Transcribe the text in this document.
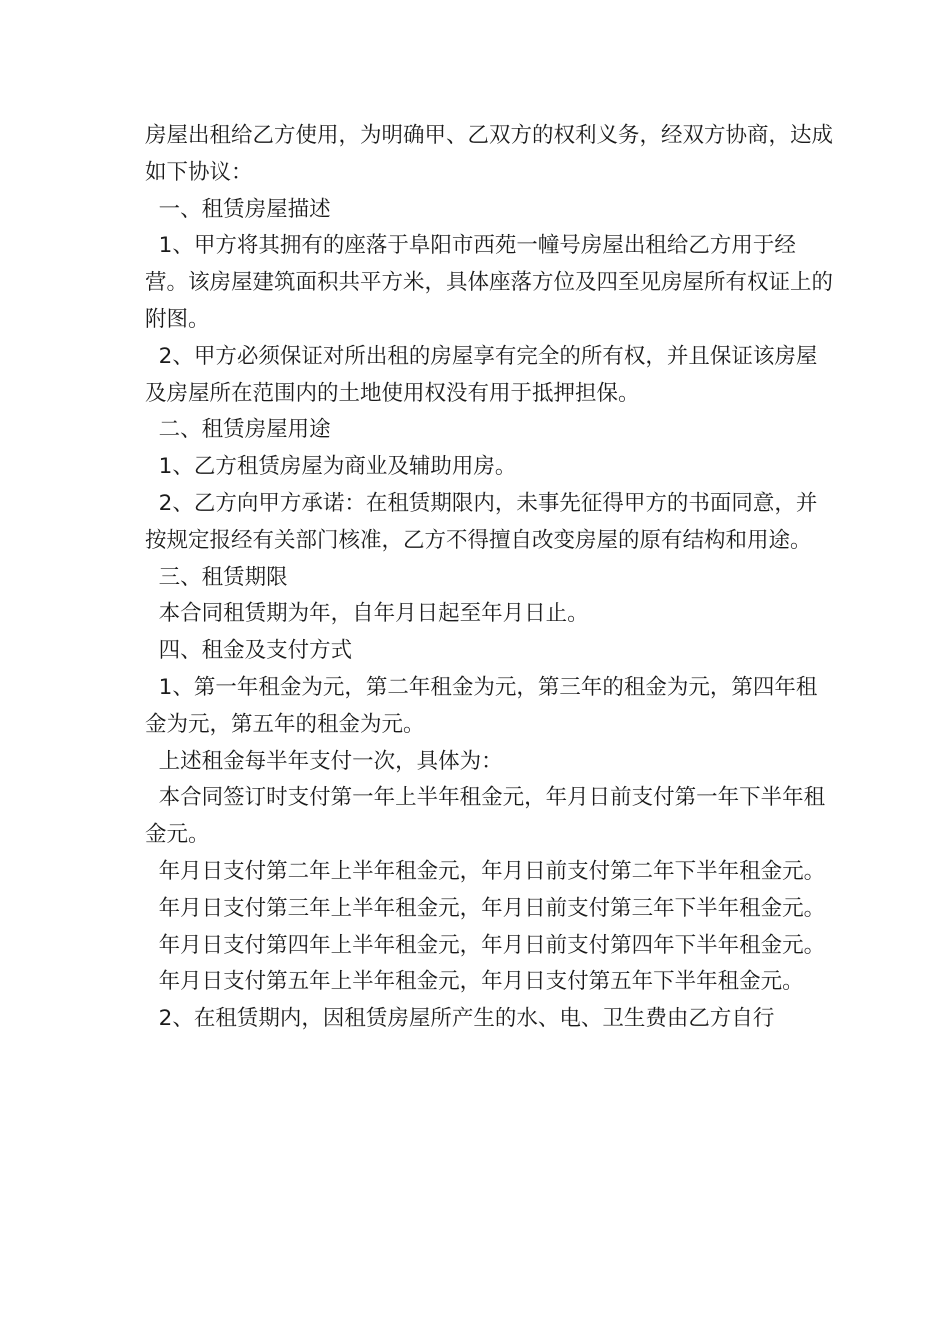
房屋出租给乙方使用，为明确甲、乙双方的权利义务，经双方协商，达成如下协议：

一、租赁房屋描述

1、甲方将其拥有的座落于阜阳市西苑一幢号房屋出租给乙方用于经营。该房屋建筑面积共平方米，具体座落方位及四至见房屋所有权证上的附图。

2、甲方必须保证对所出租的房屋享有完全的所有权，并且保证该房屋及房屋所在范围内的土地使用权没有用于抵押担保。

二、租赁房屋用途

1、乙方租赁房屋为商业及辅助用房。

2、乙方向甲方承诺：在租赁期限内，未事先征得甲方的书面同意，并按规定报经有关部门核准，乙方不得擅自改变房屋的原有结构和用途。

三、租赁期限

本合同租赁期为年，自年月日起至年月日止。

四、租金及支付方式

1、第一年租金为元，第二年租金为元，第三年的租金为元，第四年租金为元，第五年的租金为元。

上述租金每半年支付一次，具体为：

本合同签订时支付第一年上半年租金元，年月日前支付第一年下半年租金元。

年月日支付第二年上半年租金元，年月日前支付第二年下半年租金元。

年月日支付第三年上半年租金元，年月日前支付第三年下半年租金元。

年月日支付第四年上半年租金元，年月日前支付第四年下半年租金元。

年月日支付第五年上半年租金元，年月日支付第五年下半年租金元。

2、在租赁期内，因租赁房屋所产生的水、电、卫生费由乙方自行
